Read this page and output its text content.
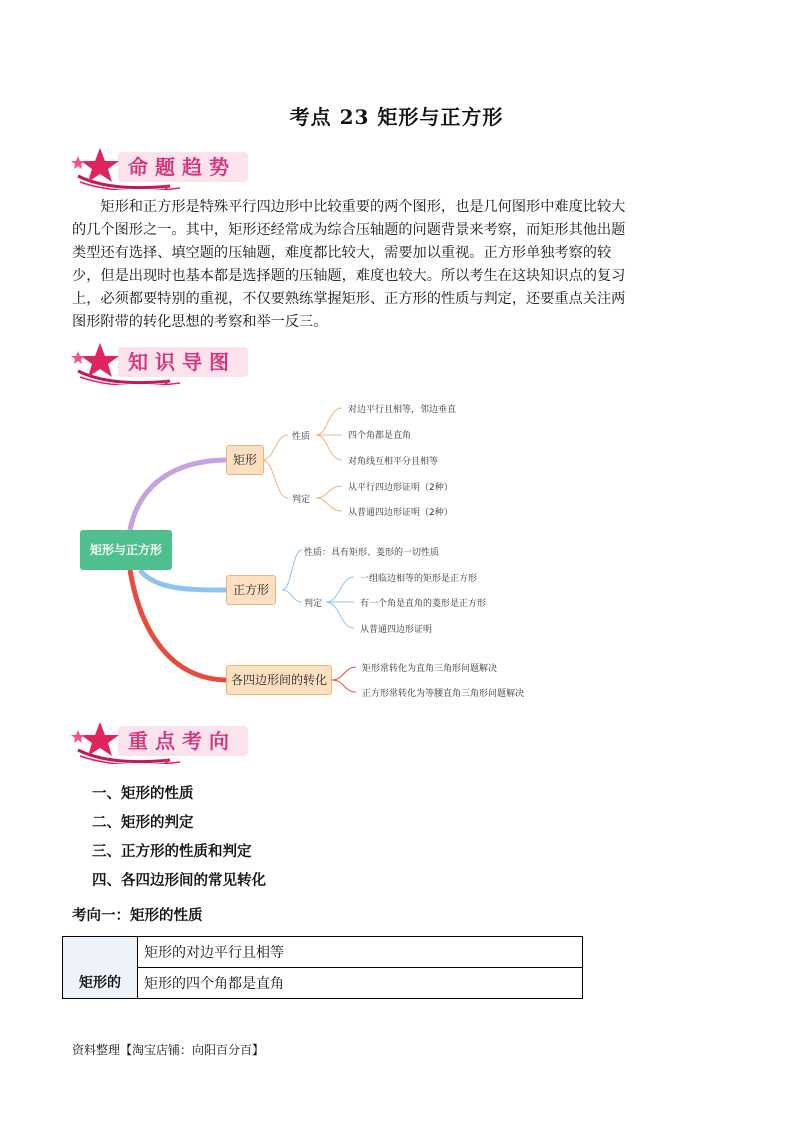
考点 23 矩形与正方形
命题趋势

矩形和正方形是特殊平行四边形中比较重要的两个图形，也是几何图形中难度比较大的几个图形之一。其中，矩形还经常成为综合压轴题的问题背景来考察，而矩形其他出题类型还有选择、填空题的压轴题，难度都比较大，需要加以重视。正方形单独考察的较少，但是出现时也基本都是选择题的压轴题，难度也较大。所以考生在这块知识点的复习上，必须都要特别的重视，不仅要熟练掌握矩形、正方形的性质与判定，还要重点关注两图形附带的转化思想的考察和举一反三。

知识导图
矩形与正方形
矩形
性质
对边平行且相等，邻边垂直
四个角都是直角
对角线互相平分且相等
判定
从平行四边形证明（2种）
从普通四边形证明（2种）
正方形
性质：具有矩形、菱形的一切性质
判定
一组临边相等的矩形是正方形
有一个角是直角的菱形是正方形
从普通四边形证明
各四边形间的转化
矩形常转化为直角三角形问题解决
正方形常转化为等腰直角三角形问题解决
重点考向
一、矩形的性质
二、矩形的判定
三、正方形的性质和判定
四、各四边形间的常见转化

考向一：矩形的性质

矩形的	矩形的对边平行且相等
矩形的四个角都是直角
资料整理【淘宝店铺：向阳百分百】
